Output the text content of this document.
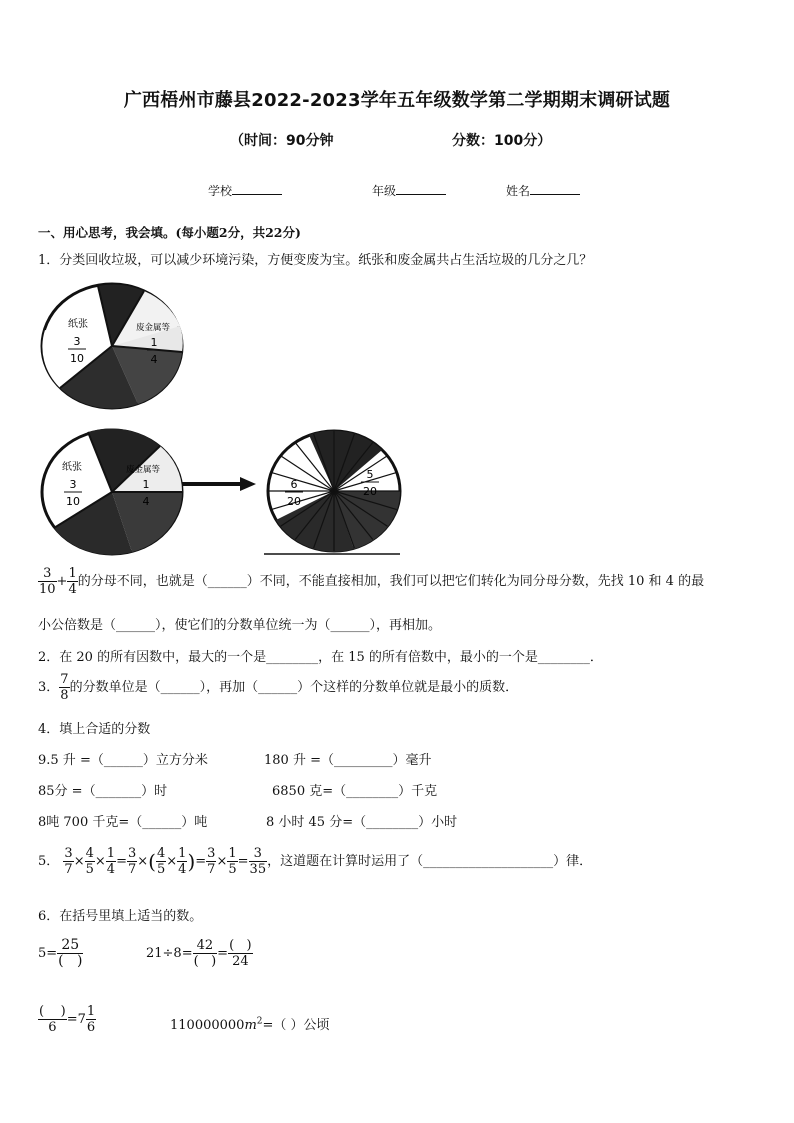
广西梧州市藤县2022-2023学年五年级数学第二学期期末调研试题
（时间：90分钟	分数：100分）
学校	年级	姓名
一、用心思考，我会填。(每小题2分，共22分)
1．分类回收垃圾，可以减少环境污染，方便变废为宝。纸张和废金属共占生活垃圾的几分之几？
纸张
3
10
废金属等
1
4
纸张
3
10
废金属等
1
4
6
20
5
20
$\frac{3}{10} + \frac{1}{4}$ 的分母不同，也就是（______）不同，不能直接相加，我们可以把它们转化为同分母分数，先找 10 和 4 的最
小公倍数是（______），使它们的分数单位统一为（______），再相加。
2．在 20 的所有因数中，最大的一个是________，在 15 的所有倍数中，最小的一个是________．
3． $\frac{7}{8}$ 的分数单位是（______），再加（______）个这样的分数单位就是最小的质数．
4．填上合适的分数
9.5 升 =（______）立方分米	180 升 =（_________）毫升
85分 =（_______）时	6850 克=（________）千克
8吨 700 千克=（______）吨	8 小时 45 分=（________）小时
5． $\frac{3}{7} \times \frac{4}{5} \times \frac{1}{4} = \frac{3}{7}$ ×( $\frac{4}{5} \times \frac{1}{4}$ )= $\frac{3}{7} \times \frac{1}{5} = \frac{3}{35}$ ，这道题在计算时运用了（____________________）律．
6．在括号里填上适当的数。
$5= \frac{25}{( )}$	$21\div 8= \frac{42}{( )} = \frac{( )}{24}$
$\frac{( )}{6} =7 \frac{1}{6}$	$110000000m^2=$（ ）公顷
